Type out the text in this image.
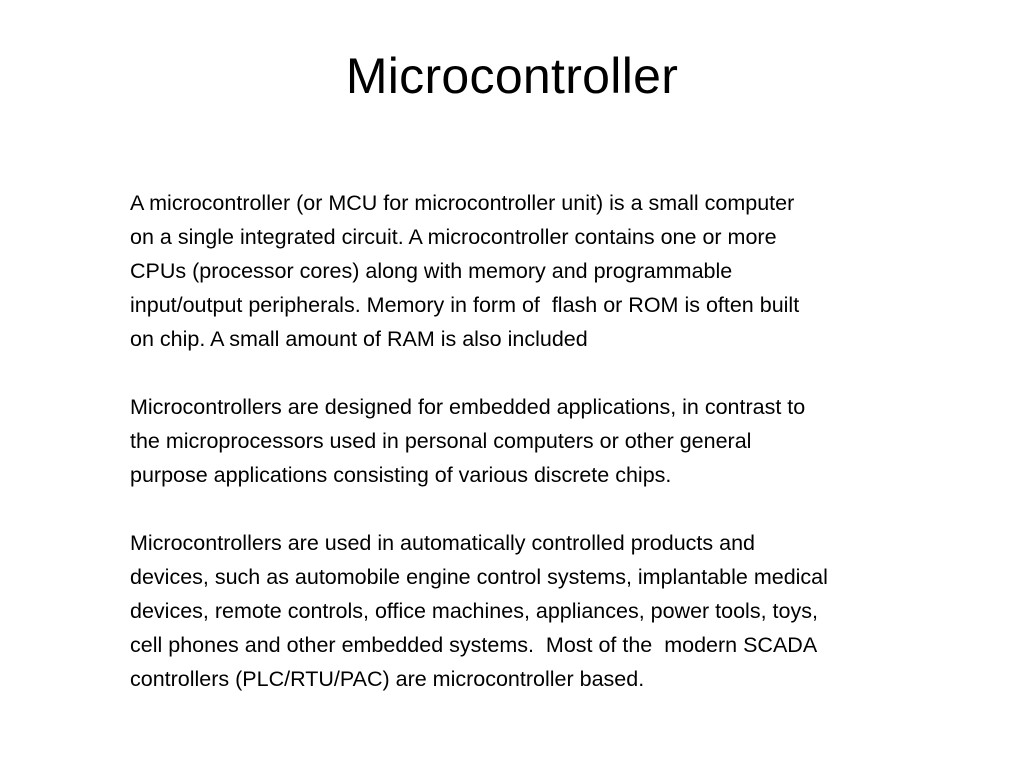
Microcontroller

A microcontroller (or MCU for microcontroller unit) is a small computer
on a single integrated circuit. A microcontroller contains one or more
CPUs (processor cores) along with memory and programmable
input/output peripherals. Memory in form of  flash or ROM is often built
on chip. A small amount of RAM is also included

Microcontrollers are designed for embedded applications, in contrast to
the microprocessors used in personal computers or other general
purpose applications consisting of various discrete chips.

Microcontrollers are used in automatically controlled products and
devices, such as automobile engine control systems, implantable medical
devices, remote controls, office machines, appliances, power tools, toys,
cell phones and other embedded systems.  Most of the  modern SCADA
controllers (PLC/RTU/PAC) are microcontroller based.
